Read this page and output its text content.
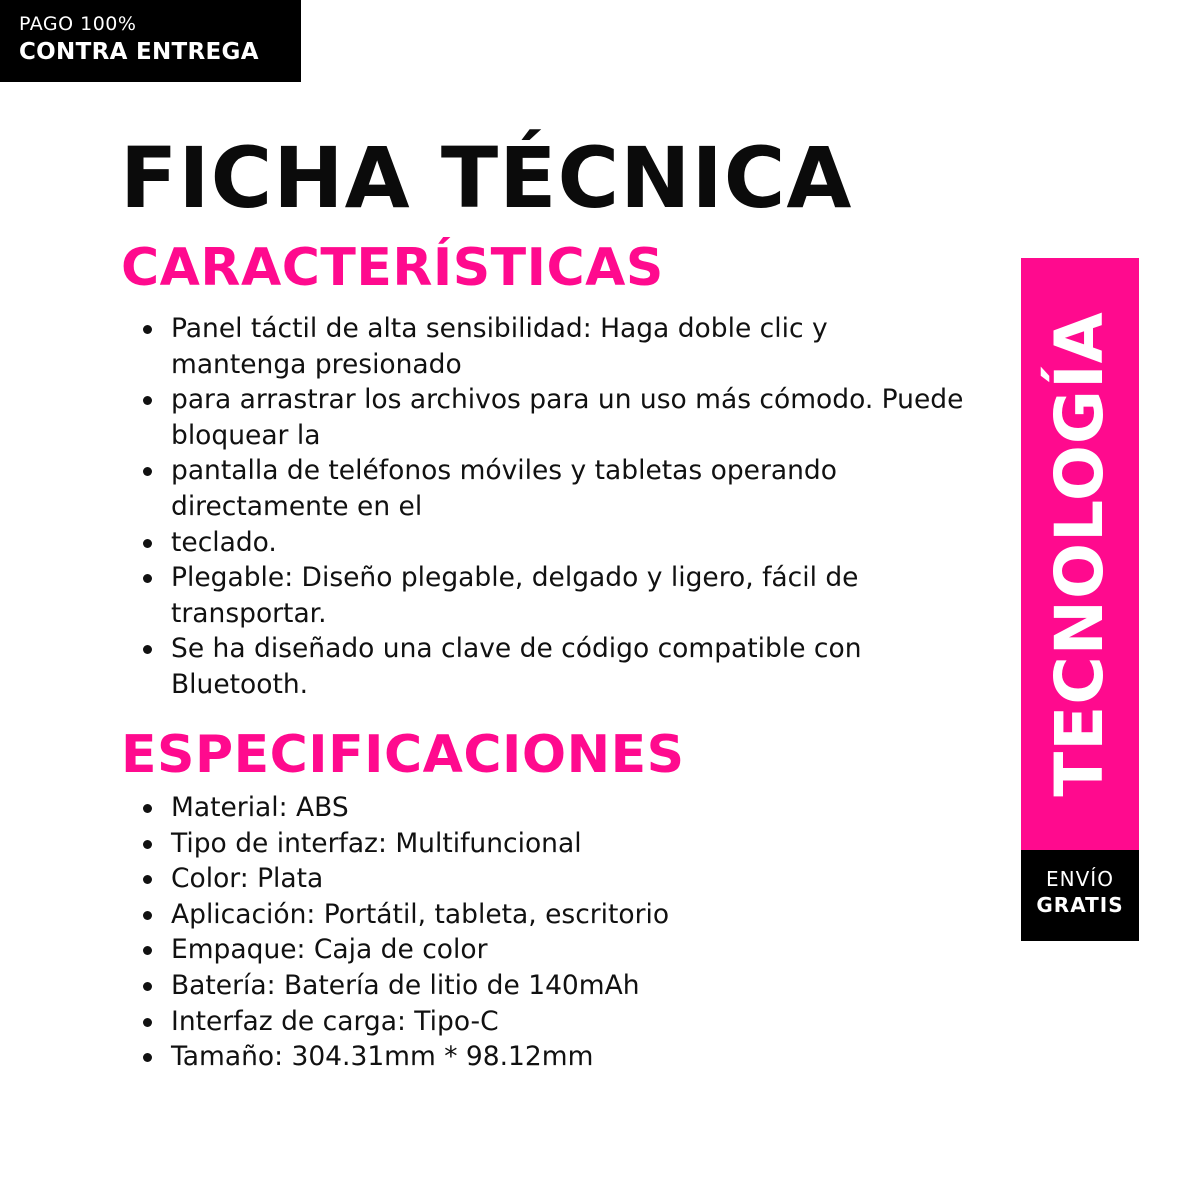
PAGO 100%
CONTRA ENTREGA
FICHA TÉCNICA
CARACTERÍSTICAS
Panel táctil de alta sensibilidad: Haga doble clic y mantenga presionado
para arrastrar los archivos para un uso más cómodo. Puede bloquear la
pantalla de teléfonos móviles y tabletas operando directamente en el
teclado.
Plegable: Diseño plegable, delgado y ligero, fácil de transportar.
Se ha diseñado una clave de código compatible con Bluetooth.
ESPECIFICACIONES
Material: ABS
Tipo de interfaz: Multifuncional
Color: Plata
Aplicación: Portátil, tableta, escritorio
Empaque: Caja de color
Batería: Batería de litio de 140mAh
Interfaz de carga: Tipo-C
Tamaño: 304.31mm * 98.12mm
TECNOLOGÍA
ENVÍO
GRATIS
